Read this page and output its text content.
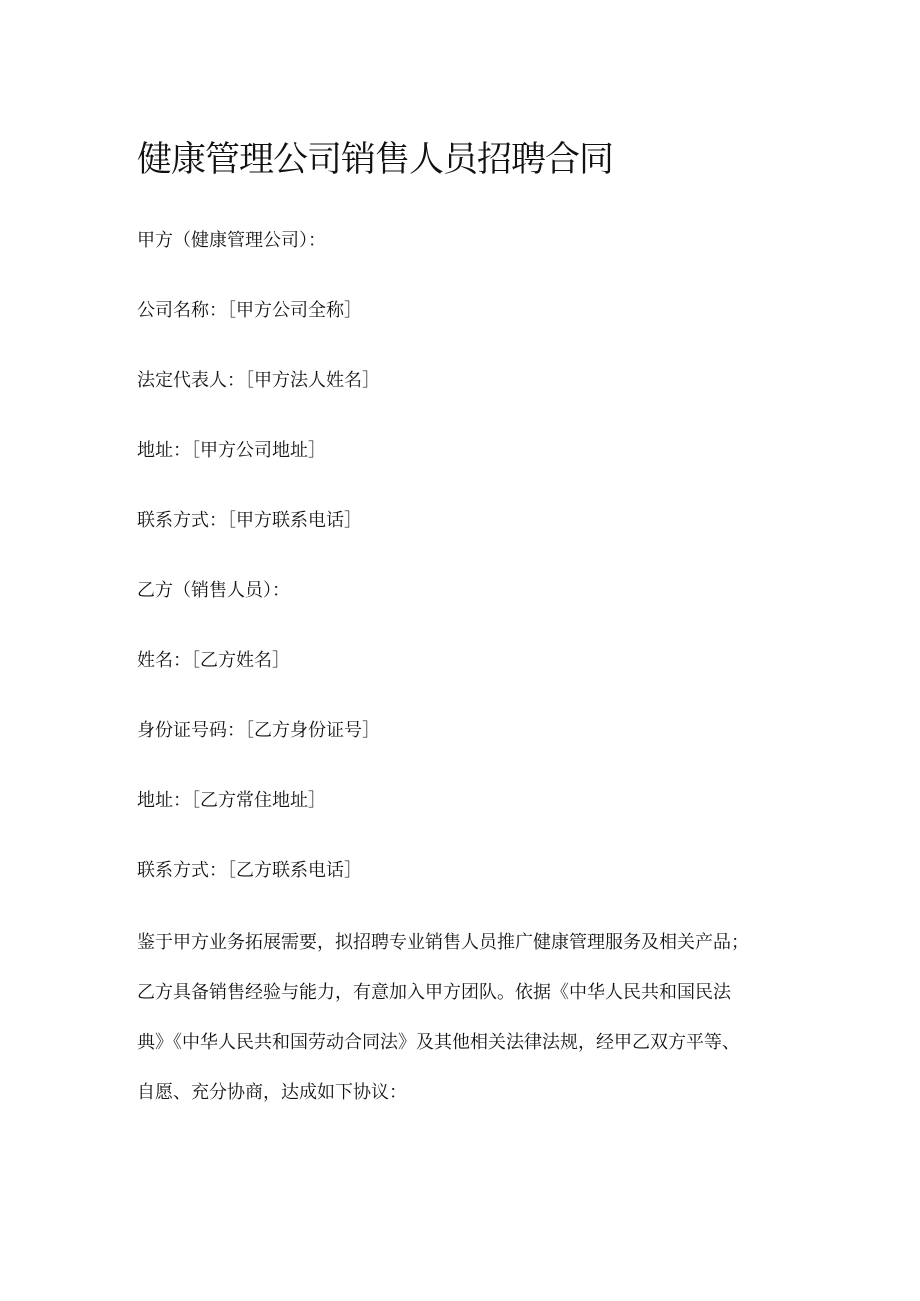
健康管理公司销售人员招聘合同

甲方（健康管理公司）：

公司名称：［甲方公司全称］

法定代表人：［甲方法人姓名］

地址：［甲方公司地址］

联系方式：［甲方联系电话］

乙方（销售人员）：

姓名：［乙方姓名］

身份证号码：［乙方身份证号］

地址：［乙方常住地址］

联系方式：［乙方联系电话］

鉴于甲方业务拓展需要，拟招聘专业销售人员推广健康管理服务及相关产品；
乙方具备销售经验与能力，有意加入甲方团队。依据《中华人民共和国民法
典》《中华人民共和国劳动合同法》及其他相关法律法规，经甲乙双方平等、
自愿、充分协商，达成如下协议：
